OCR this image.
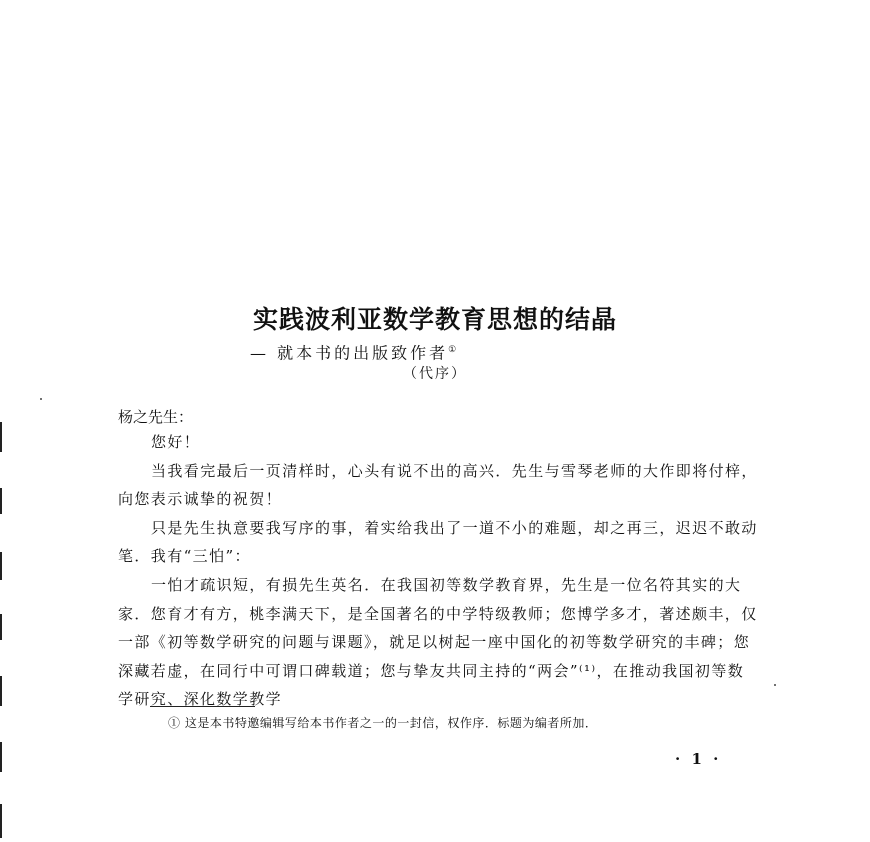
实践波利亚数学教育思想的结晶
— 就本书的出版致作者①
（代序）
杨之先生：

您好！

当我看完最后一页清样时，心头有说不出的高兴．先生与雪琴老师的大作即将付梓，向您表示诚挚的祝贺！

只是先生执意要我写序的事，着实给我出了一道不小的难题，却之再三，迟迟不敢动笔．我有“三怕”：

一怕才疏识短，有损先生英名．在我国初等数学教育界，先生是一位名符其实的大家．您育才有方，桃李满天下，是全国著名的中学特级教师；您博学多才，著述颇丰，仅一部《初等数学研究的问题与课题》，就足以树起一座中国化的初等数学研究的丰碑；您深藏若虚，在同行中可谓口碑载道；您与挚友共同主持的“两会”⁽¹⁾，在推动我国初等数学研究、深化数学教学

① 这是本书特邀编辑写给本书作者之一的一封信，权作序．标题为编者所加．
· 1 ·
